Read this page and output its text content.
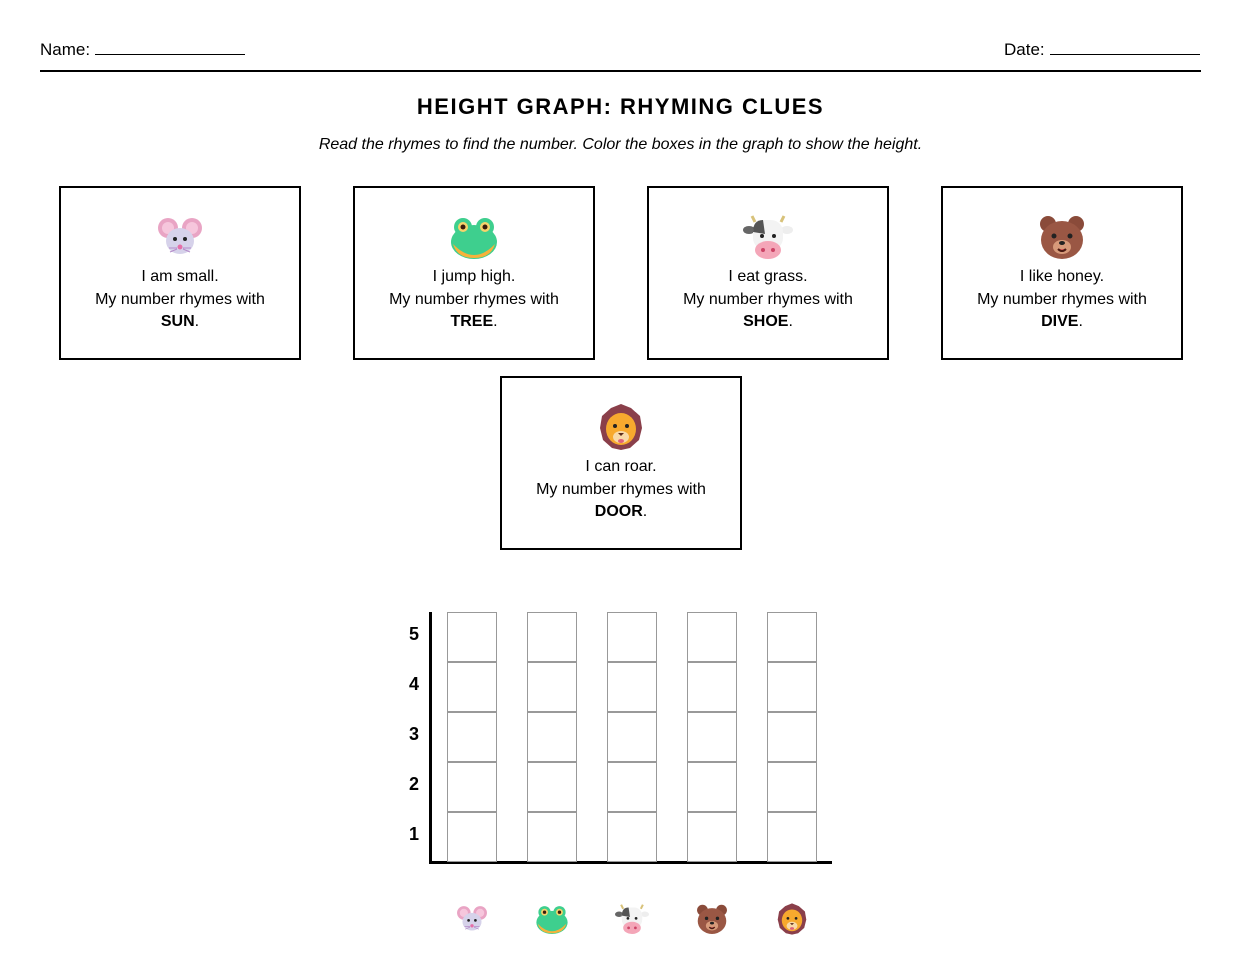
Name:	Date:
HEIGHT GRAPH: RHYMING CLUES
Read the rhymes to find the number. Color the boxes in the graph to show the height.
I am small.
My number rhymes with
SUN.
I jump high.
My number rhymes with
TREE.
I eat grass.
My number rhymes with
SHOE.
I like honey.
My number rhymes with
DIVE.
I can roar.
My number rhymes with
DOOR.
5
4
3
2
1
